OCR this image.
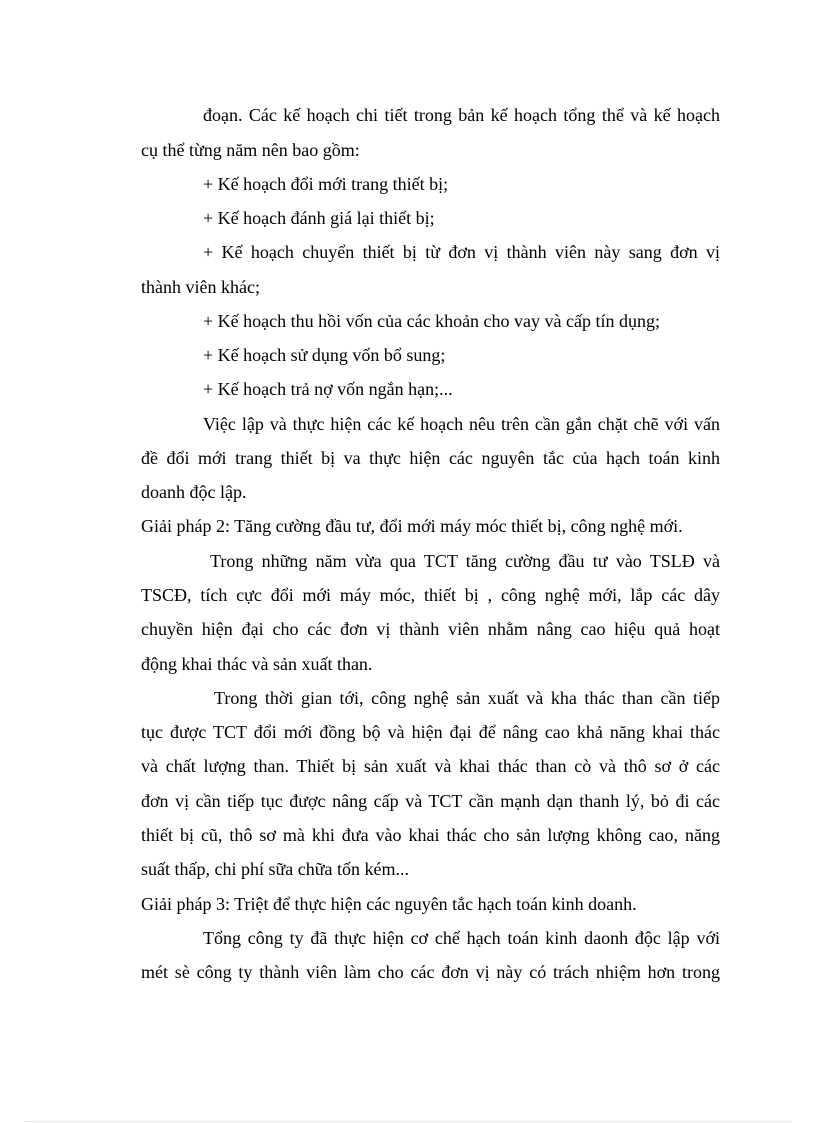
đoạn. Các kế hoạch chi tiết trong bản kế hoạch tổng thể và kế hoạch
cụ thể từng năm nên bao gồm:
+ Kế hoạch đổi mới trang thiết bị;
+ Kế hoạch đánh giá lại thiết bị;
+ Kế hoạch chuyển thiết bị từ đơn vị thành viên này sang đơn vị
thành viên khác;
+ Kế hoạch thu hồi vốn của các khoản cho vay và cấp tín dụng;
+ Kế hoạch sử dụng vốn bổ sung;
+ Kế hoạch trả nợ vốn ngắn hạn;...
Việc lập và thực hiện các kế hoạch nêu trên cần gắn chặt chẽ với vấn
đề đổi mới trang thiết bị va thực hiện các nguyên tắc của hạch toán kinh
doanh độc lập.
Giải pháp 2: Tăng cường đầu tư, đổi mới máy móc thiết bị, công nghệ mới.
Trong những năm vừa qua TCT tăng cường đầu tư vào TSLĐ và
TSCĐ, tích cực đổi mới máy móc, thiết bị , công nghệ mới, lắp các dây
chuyền hiện đại cho các đơn vị thành viên nhằm nâng cao hiệu quả hoạt
động khai thác và sản xuất than.
Trong thời gian tới, công nghệ sản xuất và kha thác than cần tiếp
tục được TCT đổi mới đồng bộ và hiện đại để nâng cao khả năng khai thác
và chất lượng than. Thiết bị sản xuất và khai thác than cò và thô sơ ở các
đơn vị cần tiếp tục được nâng cấp và TCT cần mạnh dạn thanh lý, bỏ đi các
thiết bị cũ, thô sơ mà khi đưa vào khai thác cho sản lượng không cao, năng
suất thấp, chi phí sữa chữa tốn kém...
Giải pháp 3: Triệt để thực hiện các nguyên tắc hạch toán kinh doanh.
Tổng công ty đã thực hiện cơ chế hạch toán kinh daonh độc lập với
mét sè công ty thành viên làm cho các đơn vị này có trách nhiệm hơn trong
